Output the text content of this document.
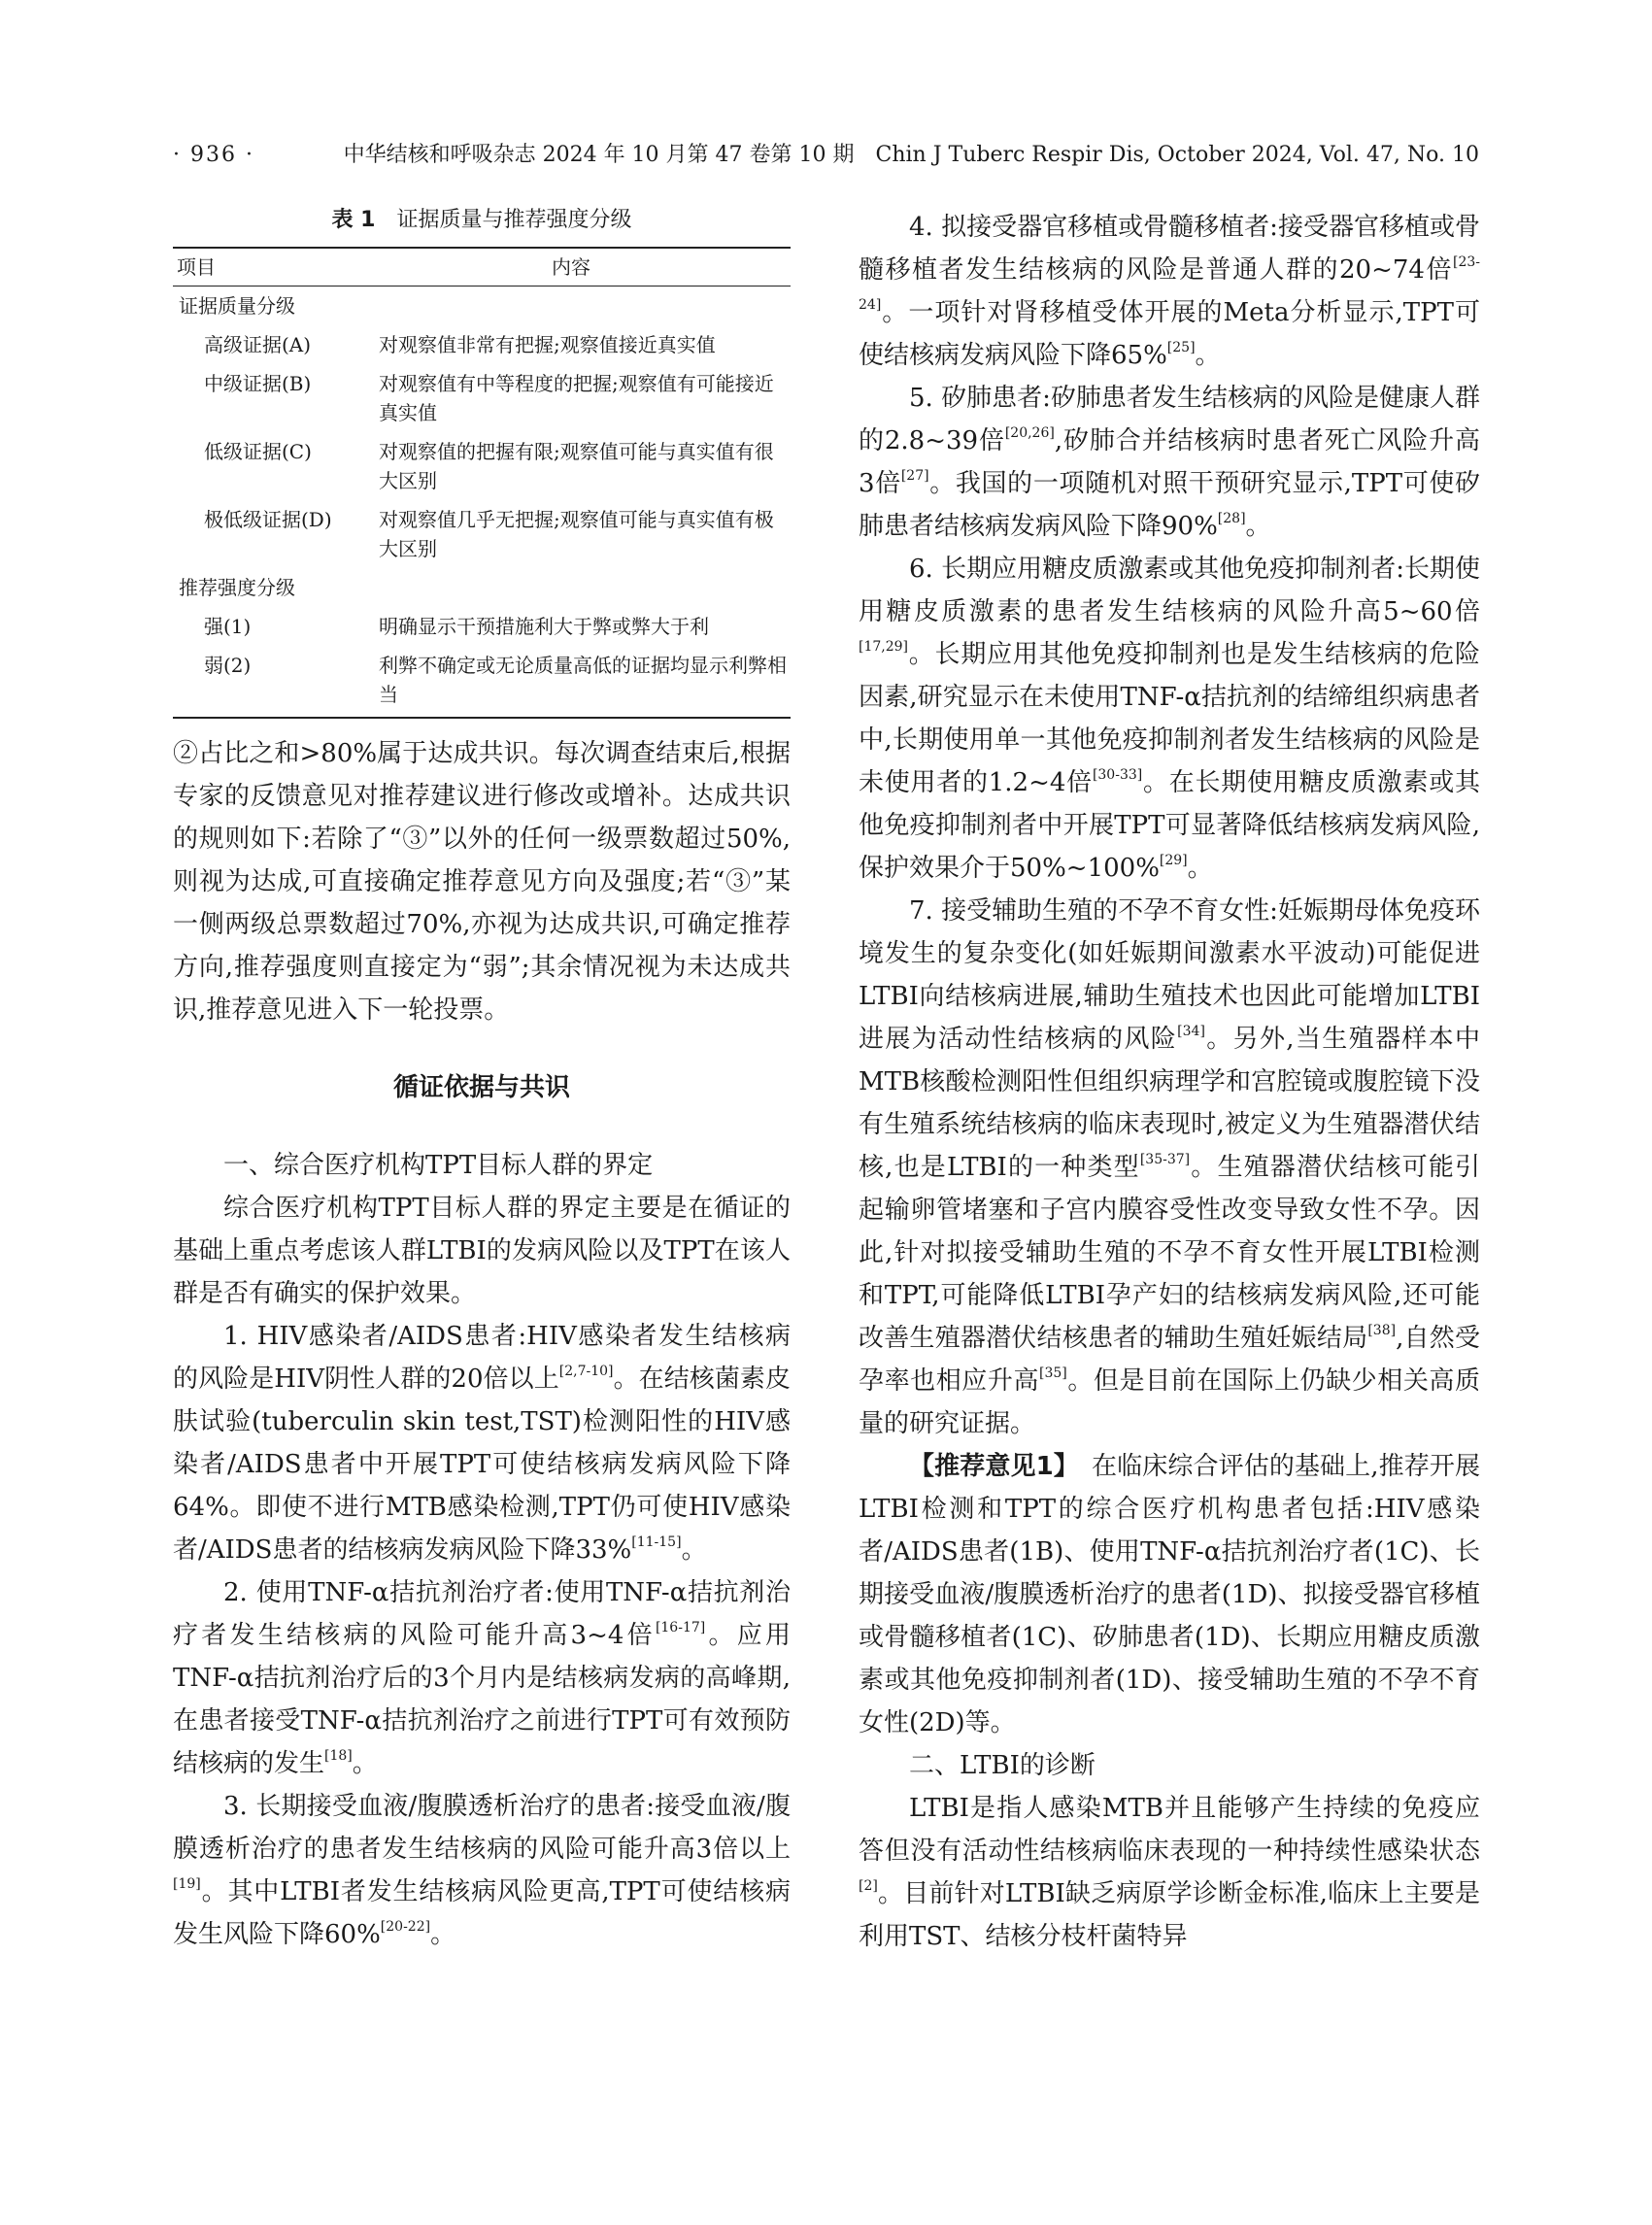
· 936 ·	中华结核和呼吸杂志 2024 年 10 月第 47 卷第 10 期　Chin J Tuberc Respir Dis, October 2024, Vol. 47, No. 10
表 1 证据质量与推荐强度分级
项目	内容
证据质量分级	
高级证据(A)	对观察值非常有把握;观察值接近真实值
中级证据(B)	对观察值有中等程度的把握;观察值有可能接近真实值
低级证据(C)	对观察值的把握有限;观察值可能与真实值有很大区别
极低级证据(D)	对观察值几乎无把握;观察值可能与真实值有极大区别
推荐强度分级	
强(1)	明确显示干预措施利大于弊或弊大于利
弱(2)	利弊不确定或无论质量高低的证据均显示利弊相当

②占比之和>80%属于达成共识。每次调查结束后,根据专家的反馈意见对推荐建议进行修改或增补。达成共识的规则如下:若除了“③”以外的任何一级票数超过50%,则视为达成,可直接确定推荐意见方向及强度;若“③”某一侧两级总票数超过70%,亦视为达成共识,可确定推荐方向,推荐强度则直接定为“弱”;其余情况视为未达成共识,推荐意见进入下一轮投票。

循证依据与共识

一、综合医疗机构TPT目标人群的界定

综合医疗机构TPT目标人群的界定主要是在循证的基础上重点考虑该人群LTBI的发病风险以及TPT在该人群是否有确实的保护效果。

1. HIV感染者/AIDS患者:HIV感染者发生结核病的风险是HIV阴性人群的20倍以上[2,7-10]。在结核菌素皮肤试验(tuberculin skin test,TST)检测阳性的HIV感染者/AIDS患者中开展TPT可使结核病发病风险下降64%。即使不进行MTB感染检测,TPT仍可使HIV感染者/AIDS患者的结核病发病风险下降33%[11-15]。

2. 使用TNF-α拮抗剂治疗者:使用TNF-α拮抗剂治疗者发生结核病的风险可能升高3~4倍[16-17]。应用TNF-α拮抗剂治疗后的3个月内是结核病发病的高峰期,在患者接受TNF-α拮抗剂治疗之前进行TPT可有效预防结核病的发生[18]。

3. 长期接受血液/腹膜透析治疗的患者:接受血液/腹膜透析治疗的患者发生结核病的风险可能升高3倍以上[19]。其中LTBI者发生结核病风险更高,TPT可使结核病发生风险下降60%[20-22]。

4. 拟接受器官移植或骨髓移植者:接受器官移植或骨髓移植者发生结核病的风险是普通人群的20~74倍[23-24]。一项针对肾移植受体开展的Meta分析显示,TPT可使结核病发病风险下降65%[25]。

5. 矽肺患者:矽肺患者发生结核病的风险是健康人群的2.8~39倍[20,26],矽肺合并结核病时患者死亡风险升高3倍[27]。我国的一项随机对照干预研究显示,TPT可使矽肺患者结核病发病风险下降90%[28]。

6. 长期应用糖皮质激素或其他免疫抑制剂者:长期使用糖皮质激素的患者发生结核病的风险升高5~60倍[17,29]。长期应用其他免疫抑制剂也是发生结核病的危险因素,研究显示在未使用TNF-α拮抗剂的结缔组织病患者中,长期使用单一其他免疫抑制剂者发生结核病的风险是未使用者的1.2~4倍[30-33]。在长期使用糖皮质激素或其他免疫抑制剂者中开展TPT可显著降低结核病发病风险,保护效果介于50%~100%[29]。

7. 接受辅助生殖的不孕不育女性:妊娠期母体免疫环境发生的复杂变化(如妊娠期间激素水平波动)可能促进LTBI向结核病进展,辅助生殖技术也因此可能增加LTBI进展为活动性结核病的风险[34]。另外,当生殖器样本中MTB核酸检测阳性但组织病理学和宫腔镜或腹腔镜下没有生殖系统结核病的临床表现时,被定义为生殖器潜伏结核,也是LTBI的一种类型[35-37]。生殖器潜伏结核可能引起输卵管堵塞和子宫内膜容受性改变导致女性不孕。因此,针对拟接受辅助生殖的不孕不育女性开展LTBI检测和TPT,可能降低LTBI孕产妇的结核病发病风险,还可能改善生殖器潜伏结核患者的辅助生殖妊娠结局[38],自然受孕率也相应升高[35]。但是目前在国际上仍缺少相关高质量的研究证据。

【推荐意见1】　在临床综合评估的基础上,推荐开展LTBI检测和TPT的综合医疗机构患者包括:HIV感染者/AIDS患者(1B)、使用TNF-α拮抗剂治疗者(1C)、长期接受血液/腹膜透析治疗的患者(1D)、拟接受器官移植或骨髓移植者(1C)、矽肺患者(1D)、长期应用糖皮质激素或其他免疫抑制剂者(1D)、接受辅助生殖的不孕不育女性(2D)等。

二、LTBI的诊断

LTBI是指人感染MTB并且能够产生持续的免疫应答但没有活动性结核病临床表现的一种持续性感染状态[2]。目前针对LTBI缺乏病原学诊断金标准,临床上主要是利用TST、结核分枝杆菌特异
